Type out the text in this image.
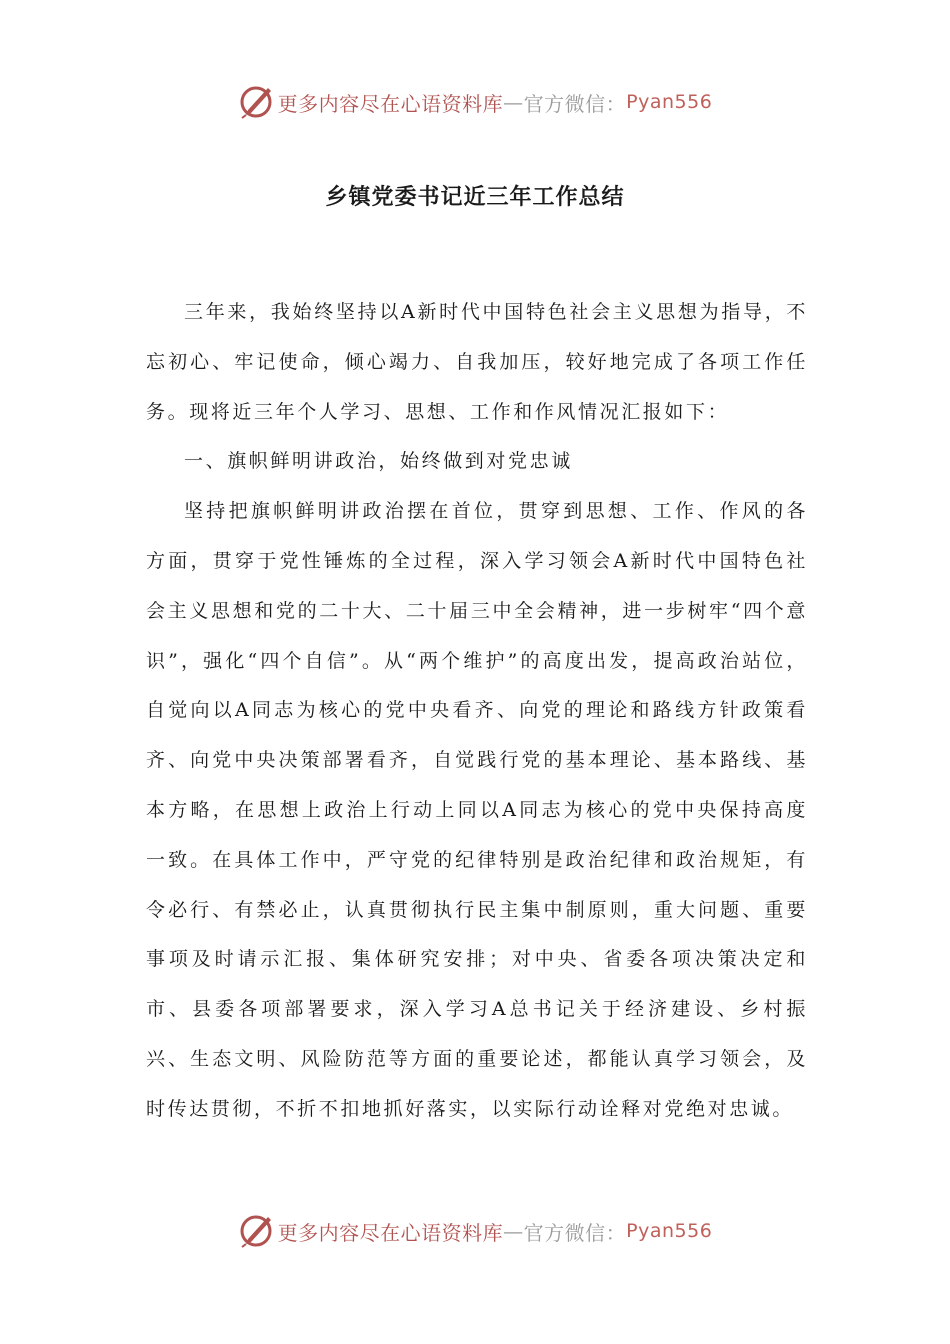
更多内容尽在心语资料库 — 官方微信： Pyan556
乡镇党委书记近三年工作总结

三年来，我始终坚持以A新时代中国特色社会主义思想为指导，不忘初心、牢记使命，倾心竭力、自我加压，较好地完成了各项工作任务。现将近三年个人学习、思想、工作和作风情况汇报如下：

一、旗帜鲜明讲政治，始终做到对党忠诚

坚持把旗帜鲜明讲政治摆在首位，贯穿到思想、工作、作风的各方面，贯穿于党性锤炼的全过程，深入学习领会A新时代中国特色社会主义思想和党的二十大、二十届三中全会精神，进一步树牢“四个意识”，强化“四个自信”。从“两个维护”的高度出发，提高政治站位，自觉向以A同志为核心的党中央看齐、向党的理论和路线方针政策看齐、向党中央决策部署看齐，自觉践行党的基本理论、基本路线、基本方略，在思想上政治上行动上同以A同志为核心的党中央保持高度一致。在具体工作中，严守党的纪律特别是政治纪律和政治规矩，有令必行、有禁必止，认真贯彻执行民主集中制原则，重大问题、重要事项及时请示汇报、集体研究安排；对中央、省委各项决策决定和市、县委各项部署要求，深入学习A总书记关于经济建设、乡村振兴、生态文明、风险防范等方面的重要论述，都能认真学习领会，及时传达贯彻，不折不扣地抓好落实，以实际行动诠释对党绝对忠诚。

更多内容尽在心语资料库 — 官方微信： Pyan556
